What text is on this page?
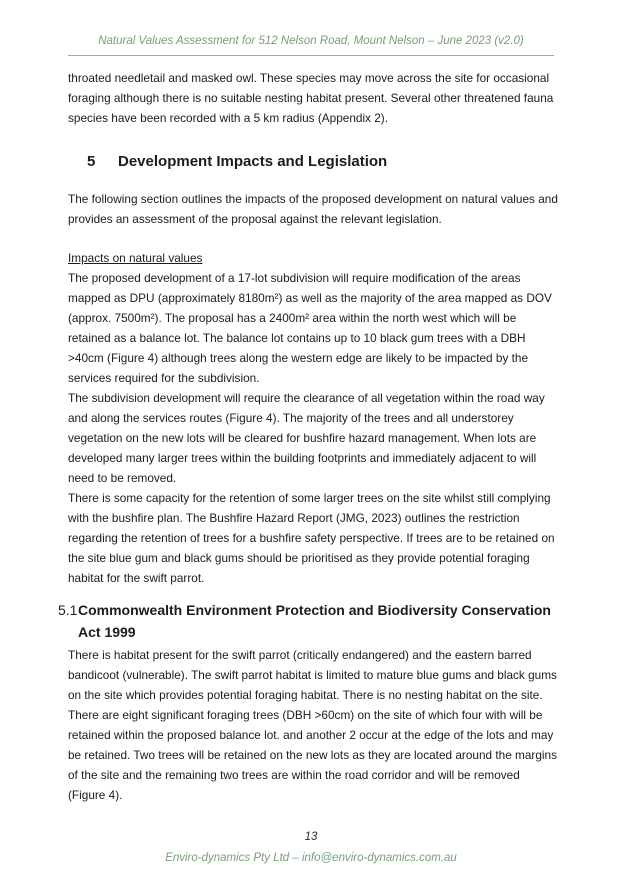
Natural Values Assessment for 512 Nelson Road, Mount Nelson – June 2023 (v2.0)

throated needletail and masked owl. These species may move across the site for occasional foraging although there is no suitable nesting habitat present. Several other threatened fauna species have been recorded with a 5 km radius (Appendix 2).

5	Development Impacts and Legislation

The following section outlines the impacts of the proposed development on natural values and provides an assessment of the proposal against the relevant legislation.

Impacts on natural values

The proposed development of a 17-lot subdivision will require modification of the areas mapped as DPU (approximately 8180m²) as well as the majority of the area mapped as DOV (approx. 7500m²). The proposal has a 2400m² area within the north west which will be retained as a balance lot. The balance lot contains up to 10 black gum trees with a DBH >40cm (Figure 4) although trees along the western edge are likely to be impacted by the services required for the subdivision.

The subdivision development will require the clearance of all vegetation within the road way and along the services routes (Figure 4). The majority of the trees and all understorey vegetation on the new lots will be cleared for bushfire hazard management. When lots are developed many larger trees within the building footprints and immediately adjacent to will need to be removed.

There is some capacity for the retention of some larger trees on the site whilst still complying with the bushfire plan. The Bushfire Hazard Report (JMG, 2023) outlines the restriction regarding the retention of trees for a bushfire safety perspective. If trees are to be retained on the site blue gum and black gums should be prioritised as they provide potential foraging habitat for the swift parrot.

5.1 Commonwealth Environment Protection and Biodiversity Conservation Act 1999

There is habitat present for the swift parrot (critically endangered) and the eastern barred bandicoot (vulnerable). The swift parrot habitat is limited to mature blue gums and black gums on the site which provides potential foraging habitat. There is no nesting habitat on the site. There are eight significant foraging trees (DBH >60cm) on the site of which four with will be retained within the proposed balance lot. and another 2 occur at the edge of the lots and may be retained. Two trees will be retained on the new lots as they are located around the margins of the site and the remaining two trees are within the road corridor and will be removed (Figure 4).

13
Enviro-dynamics Pty Ltd – info@enviro-dynamics.com.au
